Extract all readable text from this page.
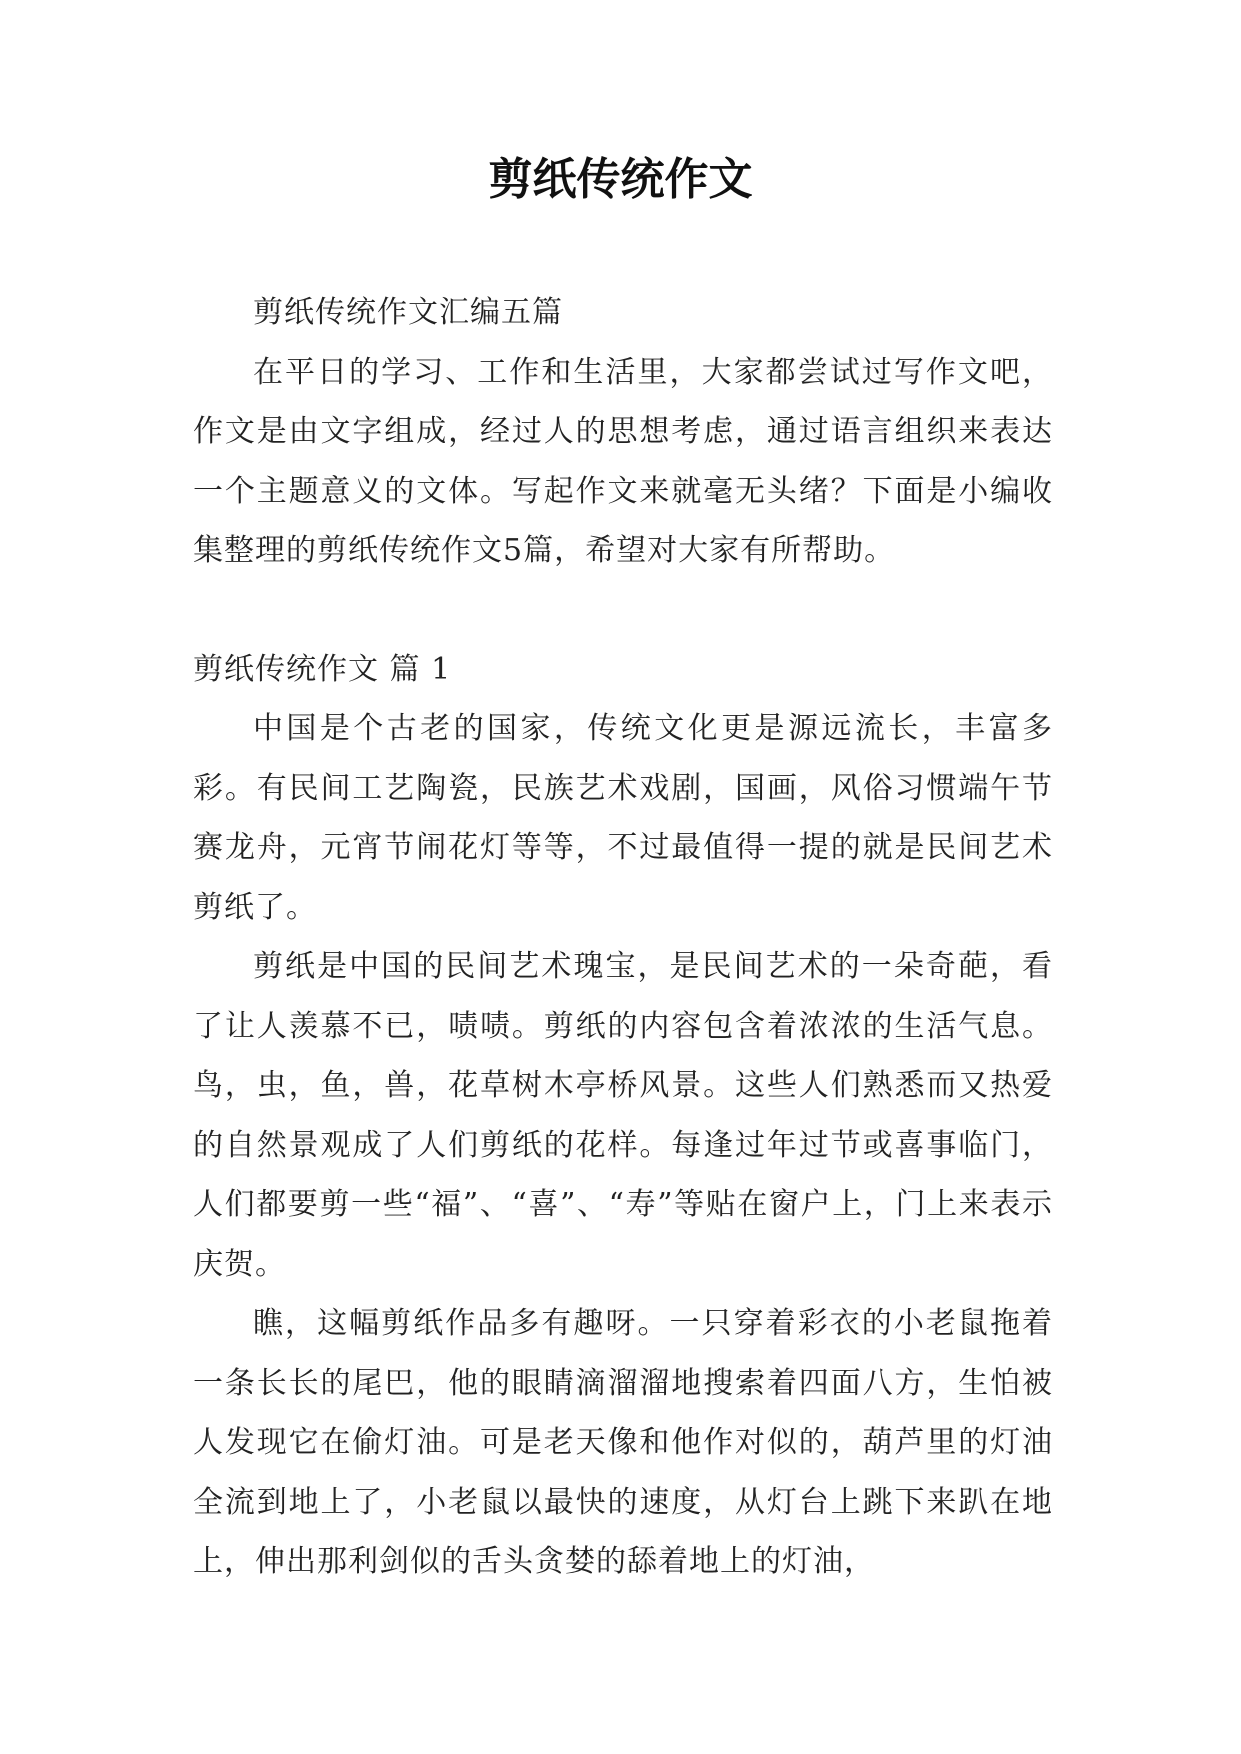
剪纸传统作文

剪纸传统作文汇编五篇

在平日的学习、工作和生活里，大家都尝试过写作文吧，作文是由文字组成，经过人的思想考虑，通过语言组织来表达一个主题意义的文体。写起作文来就毫无头绪？下面是小编收集整理的剪纸传统作文5篇，希望对大家有所帮助。

剪纸传统作文 篇 1

中国是个古老的国家，传统文化更是源远流长，丰富多彩。有民间工艺陶瓷，民族艺术戏剧，国画，风俗习惯端午节赛龙舟，元宵节闹花灯等等，不过最值得一提的就是民间艺术剪纸了。

剪纸是中国的民间艺术瑰宝，是民间艺术的一朵奇葩，看了让人羡慕不已，啧啧。剪纸的内容包含着浓浓的生活气息。鸟，虫，鱼，兽，花草树木亭桥风景。这些人们熟悉而又热爱的自然景观成了人们剪纸的花样。每逢过年过节或喜事临门，人们都要剪一些“福”、“喜”、“寿”等贴在窗户上，门上来表示庆贺。

瞧，这幅剪纸作品多有趣呀。一只穿着彩衣的小老鼠拖着一条长长的尾巴，他的眼睛滴溜溜地搜索着四面八方，生怕被人发现它在偷灯油。可是老天像和他作对似的，葫芦里的灯油全流到地上了，小老鼠以最快的速度，从灯台上跳下来趴在地上，伸出那利剑似的舌头贪婪的舔着地上的灯油，
